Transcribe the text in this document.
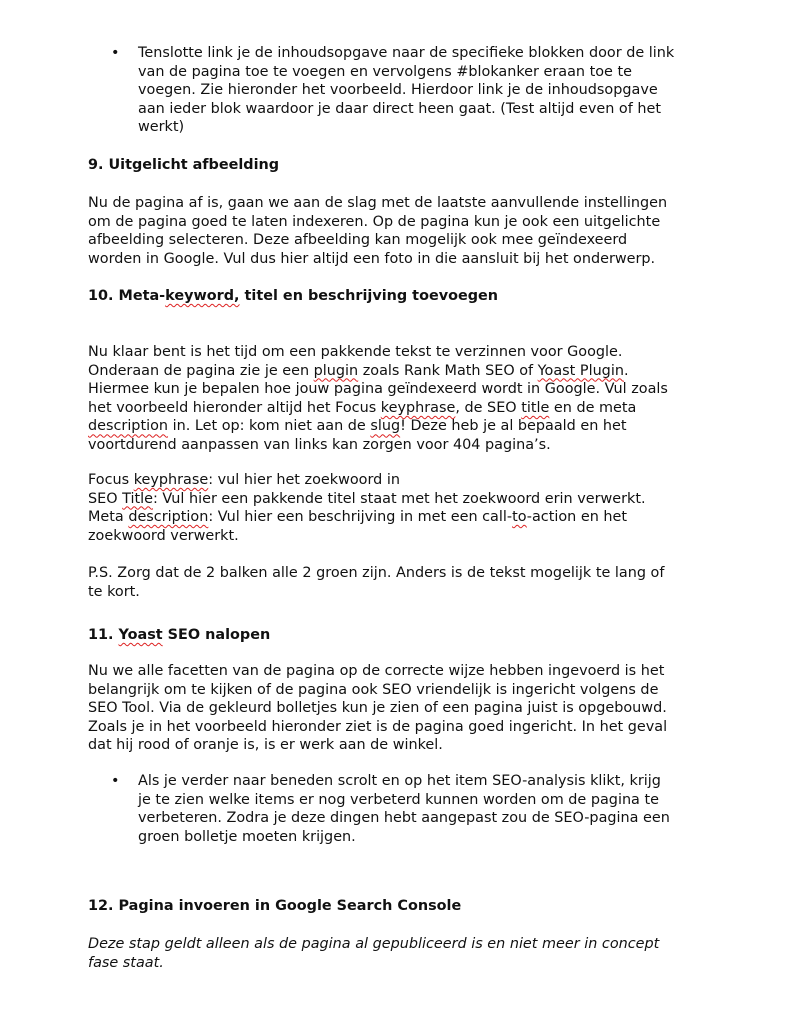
• Tenslotte link je de inhoudsopgave naar de specifieke blokken door de link
van de pagina toe te voegen en vervolgens #blokanker eraan toe te
voegen. Zie hieronder het voorbeeld. Hierdoor link je de inhoudsopgave
aan ieder blok waardoor je daar direct heen gaat. (Test altijd even of het
werkt)
9. Uitgelicht afbeelding
Nu de pagina af is, gaan we aan de slag met de laatste aanvullende instellingen
om de pagina goed te laten indexeren. Op de pagina kun je ook een uitgelichte
afbeelding selecteren. Deze afbeelding kan mogelijk ook mee geïndexeerd
worden in Google. Vul dus hier altijd een foto in die aansluit bij het onderwerp.
10. Meta-keyword, titel en beschrijving toevoegen
Nu klaar bent is het tijd om een pakkende tekst te verzinnen voor Google.
Onderaan de pagina zie je een plugin zoals Rank Math SEO of Yoast Plugin.
Hiermee kun je bepalen hoe jouw pagina geïndexeerd wordt in Google. Vul zoals
het voorbeeld hieronder altijd het Focus keyphrase, de SEO title en de meta
description in. Let op: kom niet aan de slug! Deze heb je al bepaald en het
voortdurend aanpassen van links kan zorgen voor 404 pagina’s.
Focus keyphrase: vul hier het zoekwoord in
SEO Title: Vul hier een pakkende titel staat met het zoekwoord erin verwerkt.
Meta description: Vul hier een beschrijving in met een call-to-action en het
zoekwoord verwerkt.
P.S. Zorg dat de 2 balken alle 2 groen zijn. Anders is de tekst mogelijk te lang of
te kort.
11. Yoast SEO nalopen
Nu we alle facetten van de pagina op de correcte wijze hebben ingevoerd is het
belangrijk om te kijken of de pagina ook SEO vriendelijk is ingericht volgens de
SEO Tool. Via de gekleurd bolletjes kun je zien of een pagina juist is opgebouwd.
Zoals je in het voorbeeld hieronder ziet is de pagina goed ingericht. In het geval
dat hij rood of oranje is, is er werk aan de winkel.
• Als je verder naar beneden scrolt en op het item SEO-analysis klikt, krijg
je te zien welke items er nog verbeterd kunnen worden om de pagina te
verbeteren. Zodra je deze dingen hebt aangepast zou de SEO-pagina een
groen bolletje moeten krijgen.
12. Pagina invoeren in Google Search Console
Deze stap geldt alleen als de pagina al gepubliceerd is en niet meer in concept
fase staat.
